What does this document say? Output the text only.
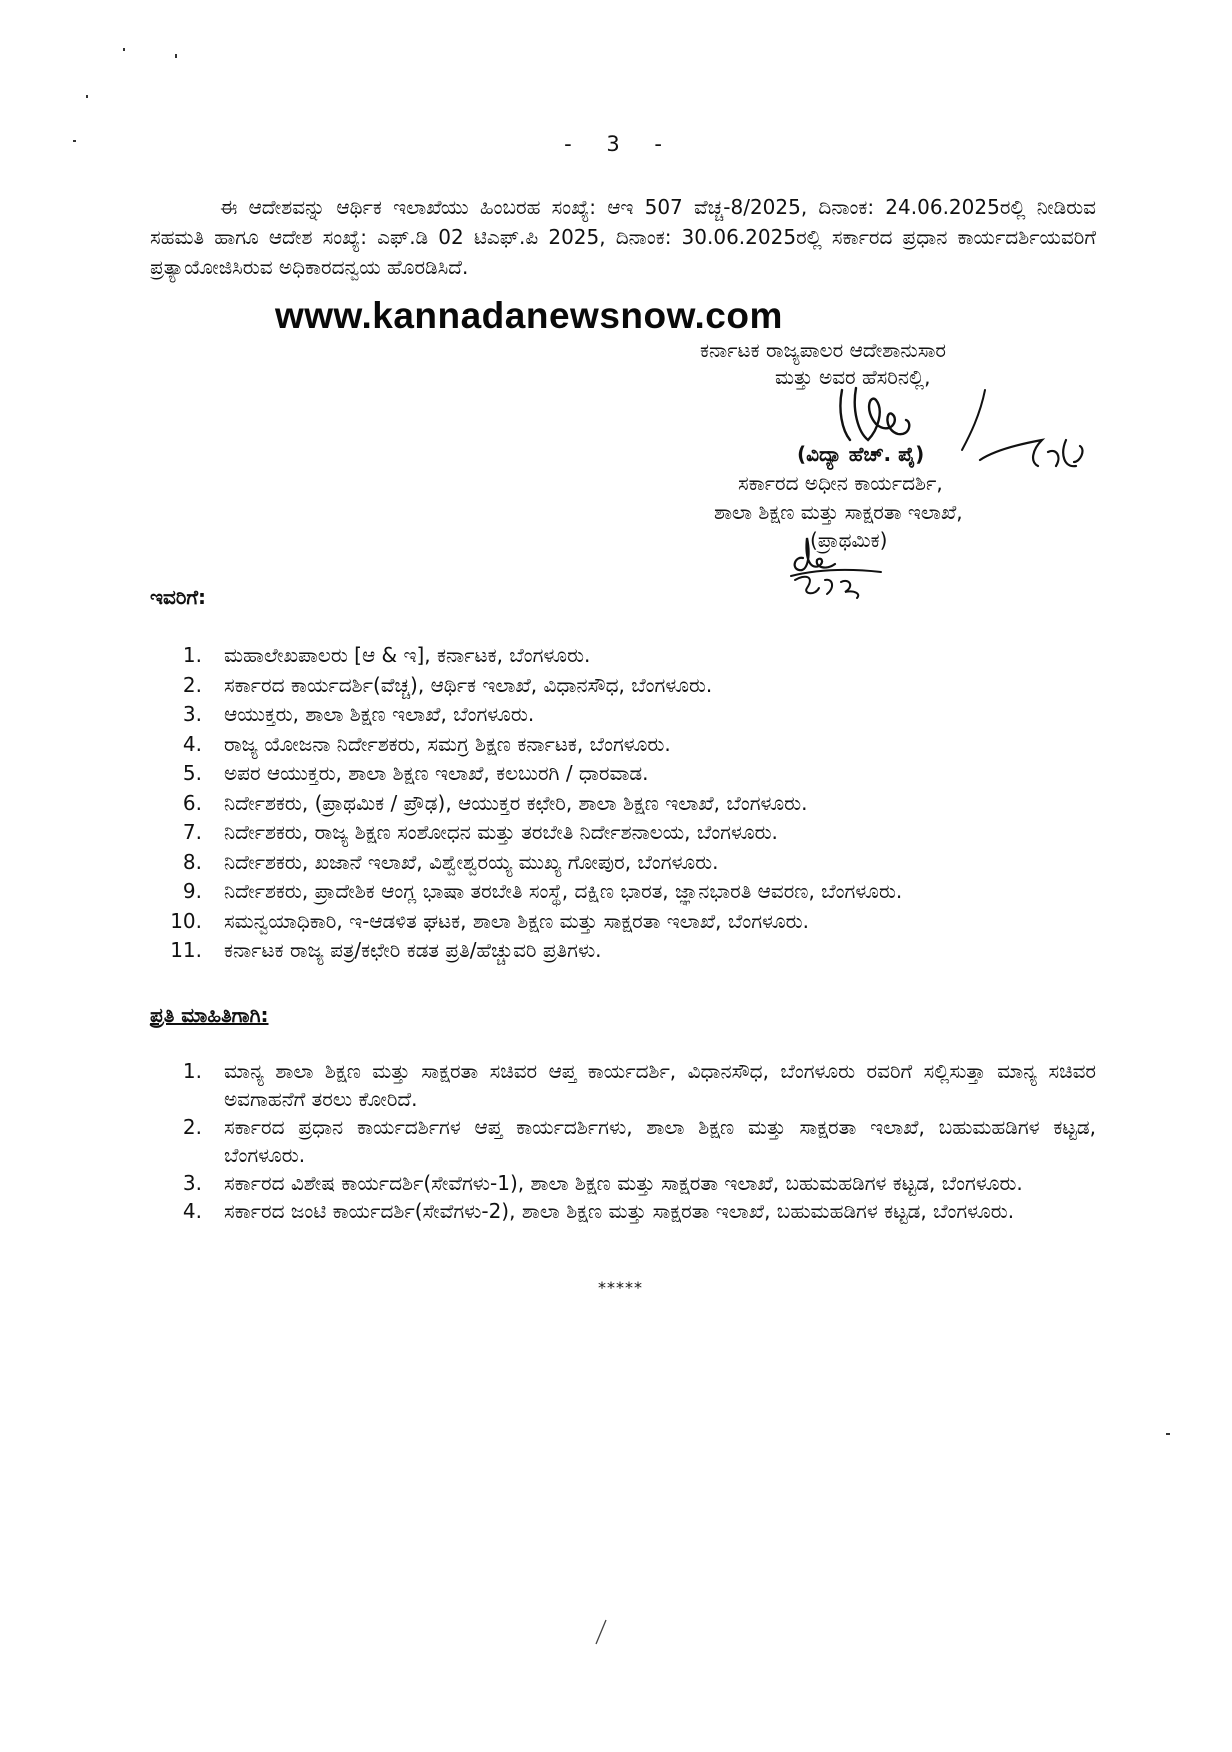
- 3 -
ಈ ಆದೇಶವನ್ನು ಆರ್ಥಿಕ ಇಲಾಖೆಯು ಹಿಂಬರಹ ಸಂಖ್ಯೆ: ಆಇ 507 ವೆಚ್ಚ-8/2025, ದಿನಾಂಕ: 24.06.2025ರಲ್ಲಿ ನೀಡಿರುವ ಸಹಮತಿ ಹಾಗೂ ಆದೇಶ ಸಂಖ್ಯೆ: ಎಫ್.ಡಿ 02 ಟಿಎಫ್.ಪಿ 2025, ದಿನಾಂಕ: 30.06.2025ರಲ್ಲಿ ಸರ್ಕಾರದ ಪ್ರಧಾನ ಕಾರ್ಯದರ್ಶಿಯವರಿಗೆ ಪ್ರತ್ಯಾಯೋಜಿಸಿರುವ ಅಧಿಕಾರದನ್ವಯ ಹೊರಡಿಸಿದೆ.
www.kannadanewsnow.com
ಕರ್ನಾಟಕ ರಾಜ್ಯಪಾಲರ ಆದೇಶಾನುಸಾರ
ಮತ್ತು ಅವರ ಹೆಸರಿನಲ್ಲಿ,
(ವಿದ್ಯಾ ಹೆಚ್. ಪೈ)
ಸರ್ಕಾರದ ಅಧೀನ ಕಾರ್ಯದರ್ಶಿ,
ಶಾಲಾ ಶಿಕ್ಷಣ ಮತ್ತು ಸಾಕ್ಷರತಾ ಇಲಾಖೆ,
(ಪ್ರಾಥಮಿಕ)
ಇವರಿಗೆ:
1. ಮಹಾಲೇಖಪಾಲರು [ಆ & ಇ], ಕರ್ನಾಟಕ, ಬೆಂಗಳೂರು.
2. ಸರ್ಕಾರದ ಕಾರ್ಯದರ್ಶಿ(ವೆಚ್ಚ), ಆರ್ಥಿಕ ಇಲಾಖೆ, ವಿಧಾನಸೌಧ, ಬೆಂಗಳೂರು.
3. ಆಯುಕ್ತರು, ಶಾಲಾ ಶಿಕ್ಷಣ ಇಲಾಖೆ, ಬೆಂಗಳೂರು.
4. ರಾಜ್ಯ ಯೋಜನಾ ನಿರ್ದೇಶಕರು, ಸಮಗ್ರ ಶಿಕ್ಷಣ ಕರ್ನಾಟಕ, ಬೆಂಗಳೂರು.
5. ಅಪರ ಆಯುಕ್ತರು, ಶಾಲಾ ಶಿಕ್ಷಣ ಇಲಾಖೆ, ಕಲಬುರಗಿ / ಧಾರವಾಡ.
6. ನಿರ್ದೇಶಕರು, (ಪ್ರಾಥಮಿಕ / ಪ್ರೌಢ), ಆಯುಕ್ತರ ಕಛೇರಿ, ಶಾಲಾ ಶಿಕ್ಷಣ ಇಲಾಖೆ, ಬೆಂಗಳೂರು.
7. ನಿರ್ದೇಶಕರು, ರಾಜ್ಯ ಶಿಕ್ಷಣ ಸಂಶೋಧನ ಮತ್ತು ತರಬೇತಿ ನಿರ್ದೇಶನಾಲಯ, ಬೆಂಗಳೂರು.
8. ನಿರ್ದೇಶಕರು, ಖಜಾನೆ ಇಲಾಖೆ, ವಿಶ್ವೇಶ್ವರಯ್ಯ ಮುಖ್ಯ ಗೋಪುರ, ಬೆಂಗಳೂರು.
9. ನಿರ್ದೇಶಕರು, ಪ್ರಾದೇಶಿಕ ಆಂಗ್ಲ ಭಾಷಾ ತರಬೇತಿ ಸಂಸ್ಥೆ, ದಕ್ಷಿಣ ಭಾರತ, ಜ್ಞಾನಭಾರತಿ ಆವರಣ, ಬೆಂಗಳೂರು.
10. ಸಮನ್ವಯಾಧಿಕಾರಿ, ಇ-ಆಡಳಿತ ಘಟಕ, ಶಾಲಾ ಶಿಕ್ಷಣ ಮತ್ತು ಸಾಕ್ಷರತಾ ಇಲಾಖೆ, ಬೆಂಗಳೂರು.
11. ಕರ್ನಾಟಕ ರಾಜ್ಯ ಪತ್ರ/ಕಛೇರಿ ಕಡತ ಪ್ರತಿ/ಹೆಚ್ಚುವರಿ ಪ್ರತಿಗಳು.
ಪ್ರತಿ ಮಾಹಿತಿಗಾಗಿ:
1. ಮಾನ್ಯ ಶಾಲಾ ಶಿಕ್ಷಣ ಮತ್ತು ಸಾಕ್ಷರತಾ ಸಚಿವರ ಆಪ್ತ ಕಾರ್ಯದರ್ಶಿ, ವಿಧಾನಸೌಧ, ಬೆಂಗಳೂರು ರವರಿಗೆ ಸಲ್ಲಿಸುತ್ತಾ ಮಾನ್ಯ ಸಚಿವರ ಅವಗಾಹನೆಗೆ ತರಲು ಕೋರಿದೆ.
2. ಸರ್ಕಾರದ ಪ್ರಧಾನ ಕಾರ್ಯದರ್ಶಿಗಳ ಆಪ್ತ ಕಾರ್ಯದರ್ಶಿಗಳು, ಶಾಲಾ ಶಿಕ್ಷಣ ಮತ್ತು ಸಾಕ್ಷರತಾ ಇಲಾಖೆ, ಬಹುಮಹಡಿಗಳ ಕಟ್ಟಡ, ಬೆಂಗಳೂರು.
3. ಸರ್ಕಾರದ ವಿಶೇಷ ಕಾರ್ಯದರ್ಶಿ(ಸೇವೆಗಳು-1), ಶಾಲಾ ಶಿಕ್ಷಣ ಮತ್ತು ಸಾಕ್ಷರತಾ ಇಲಾಖೆ, ಬಹುಮಹಡಿಗಳ ಕಟ್ಟಡ, ಬೆಂಗಳೂರು.
4. ಸರ್ಕಾರದ ಜಂಟಿ ಕಾರ್ಯದರ್ಶಿ(ಸೇವೆಗಳು-2), ಶಾಲಾ ಶಿಕ್ಷಣ ಮತ್ತು ಸಾಕ್ಷರತಾ ಇಲಾಖೆ, ಬಹುಮಹಡಿಗಳ ಕಟ್ಟಡ, ಬೆಂಗಳೂರು.
*****
